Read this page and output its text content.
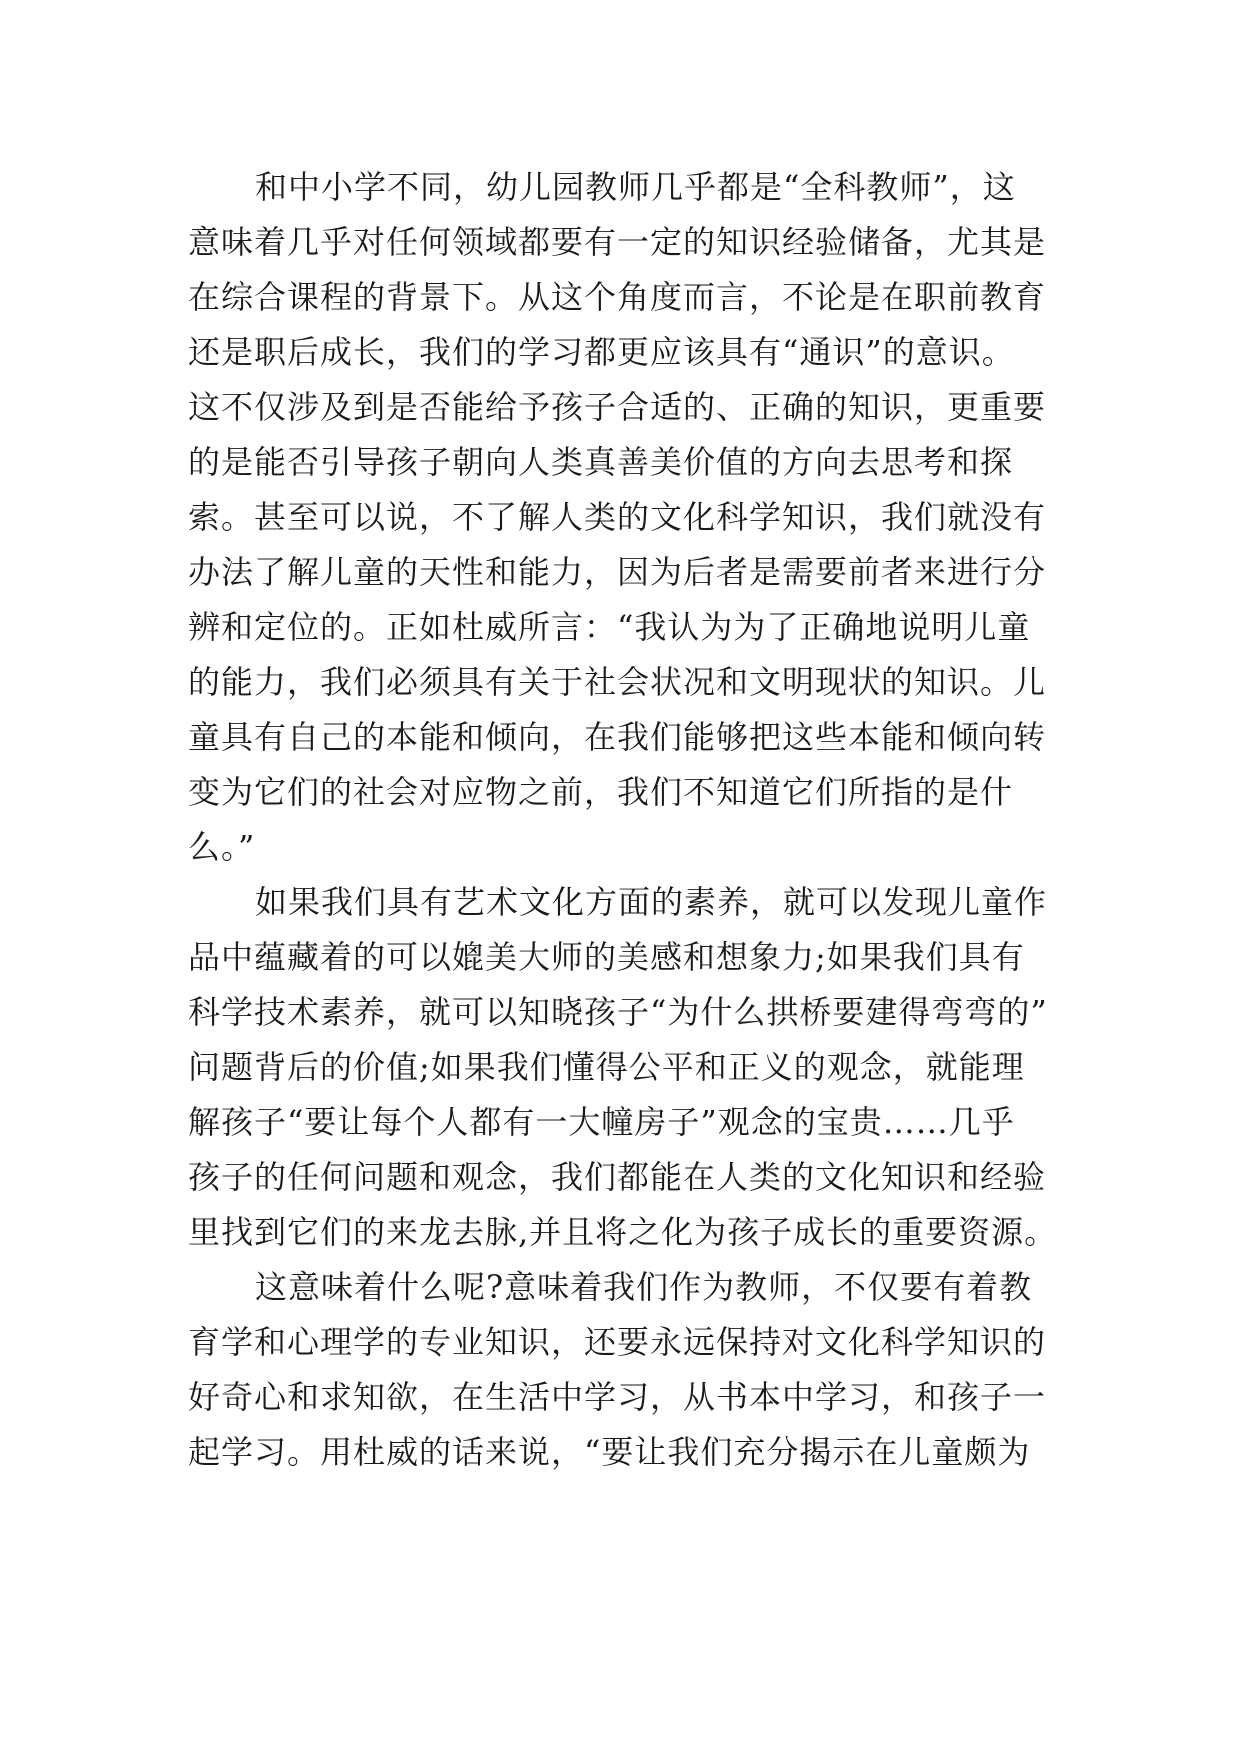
和中小学不同，幼儿园教师几乎都是“全科教师”，这
意味着几乎对任何领域都要有一定的知识经验储备，尤其是
在综合课程的背景下。从这个角度而言，不论是在职前教育
还是职后成长，我们的学习都更应该具有“通识”的意识。
这不仅涉及到是否能给予孩子合适的、正确的知识，更重要
的是能否引导孩子朝向人类真善美价值的方向去思考和探
索。甚至可以说，不了解人类的文化科学知识，我们就没有
办法了解儿童的天性和能力，因为后者是需要前者来进行分
辨和定位的。正如杜威所言：“我认为为了正确地说明儿童
的能力，我们必须具有关于社会状况和文明现状的知识。儿
童具有自己的本能和倾向，在我们能够把这些本能和倾向转
变为它们的社会对应物之前，我们不知道它们所指的是什
么。”
如果我们具有艺术文化方面的素养，就可以发现儿童作
品中蕴藏着的可以媲美大师的美感和想象力;如果我们具有
科学技术素养，就可以知晓孩子“为什么拱桥要建得弯弯的”
问题背后的价值;如果我们懂得公平和正义的观念，就能理
解孩子“要让每个人都有一大幢房子”观念的宝贵……几乎
孩子的任何问题和观念，我们都能在人类的文化知识和经验
里找到它们的来龙去脉,并且将之化为孩子成长的重要资源。
这意味着什么呢?意味着我们作为教师，不仅要有着教
育学和心理学的专业知识，还要永远保持对文化科学知识的
好奇心和求知欲，在生活中学习，从书本中学习，和孩子一
起学习。用杜威的话来说，“要让我们充分揭示在儿童颇为
